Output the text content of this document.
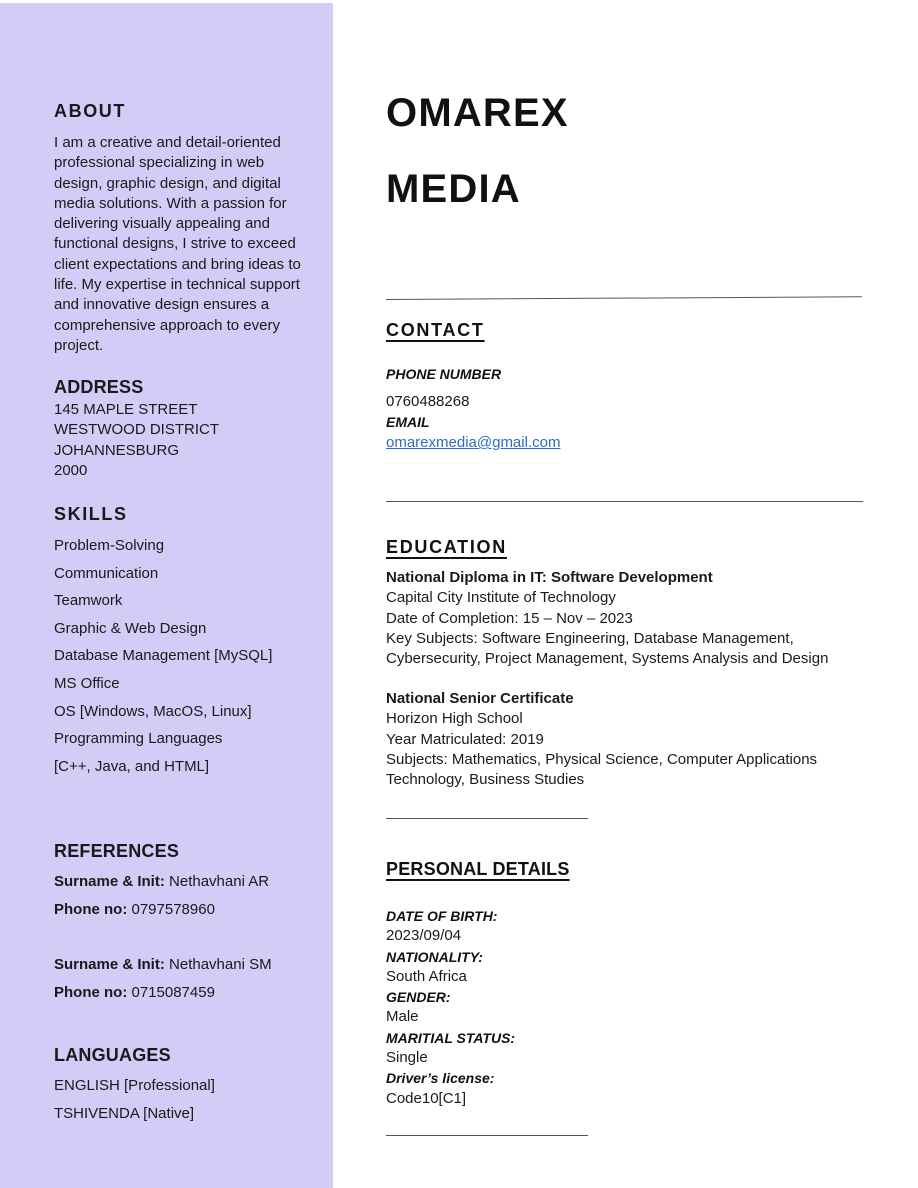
ABOUT
I am a creative and detail-oriented
professional specializing in web
design, graphic design, and digital
media solutions. With a passion for
delivering visually appealing and
functional designs, I strive to exceed
client expectations and bring ideas to
life. My expertise in technical support
and innovative design ensures a
comprehensive approach to every
project.
ADDRESS
145 MAPLE STREET
WESTWOOD DISTRICT
JOHANNESBURG
2000
SKILLS
Problem-Solving
Communication
Teamwork
Graphic & Web Design
Database Management [MySQL]
MS Office
OS [Windows, MacOS, Linux]
Programming Languages
[C++, Java, and HTML]
REFERENCES
Surname & Init: Nethavhani AR
Phone no: 0797578960
Surname & Init: Nethavhani SM
Phone no: 0715087459
LANGUAGES
ENGLISH [Professional]
TSHIVENDA [Native]
OMAREX
MEDIA
CONTACT
PHONE NUMBER
0760488268
EMAIL
omarexmedia@gmail.com
EDUCATION
National Diploma in IT: Software Development
Capital City Institute of Technology
Date of Completion: 15 – Nov – 2023
Key Subjects: Software Engineering, Database Management,
Cybersecurity, Project Management, Systems Analysis and Design
National Senior Certificate
Horizon High School
Year Matriculated: 2019
Subjects: Mathematics, Physical Science, Computer Applications
Technology, Business Studies
PERSONAL DETAILS
DATE OF BIRTH:
2023/09/04
NATIONALITY:
South Africa
GENDER:
Male
MARITIAL STATUS:
Single
Driver’s license:
Code10[C1]
